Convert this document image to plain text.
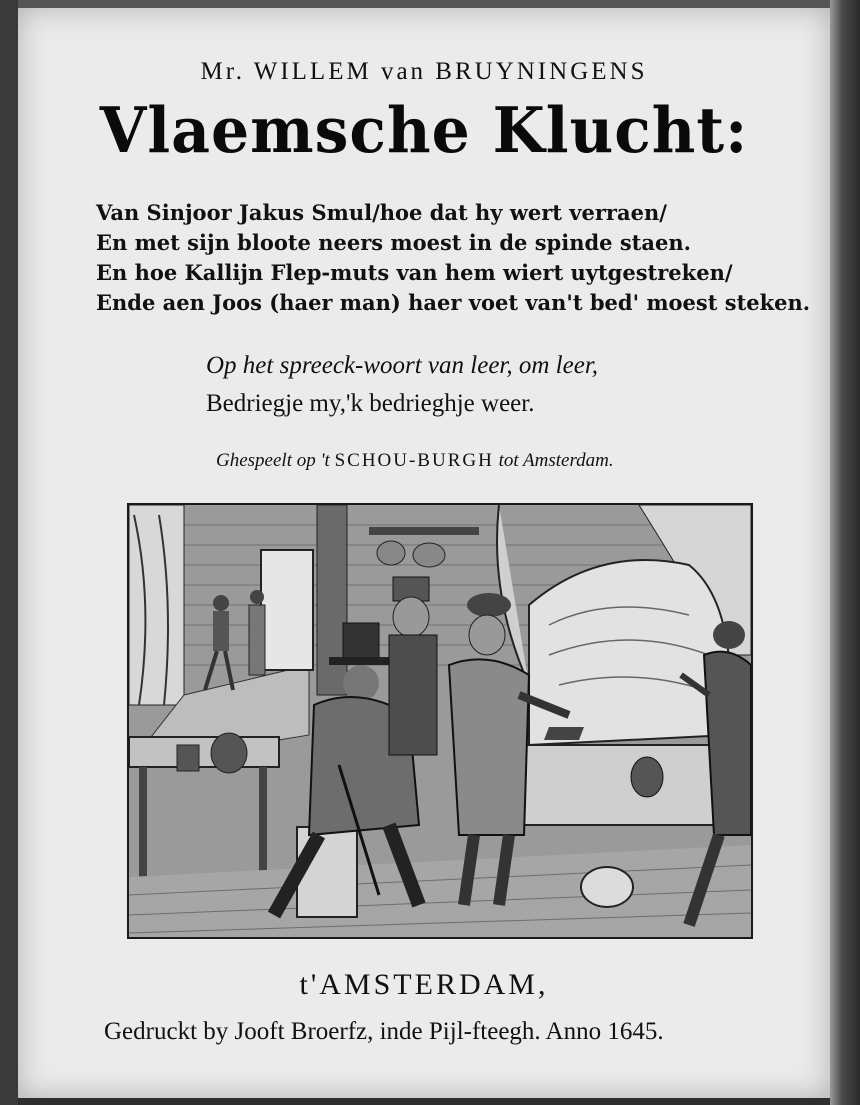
Mr. WILLEM van BRUYNINGENS
Vlaemsche Klucht:
Van Sinjoor Jakus Smul/hoe dat hy wert verraen/
En met sijn bloote neers moest in de spinde staen.
En hoe Kallijn Flep-muts van hem wiert uytgestreken/
Ende aen Joos (haer man) haer voet van't bed' moest steken.
Op het spreeck-woort van leer, om leer,
Bedriegje my,'k bedrieghje weer.
Ghespeelt op 't SCHOU-BURGH tot Amsterdam.
t'AMSTERDAM,
Gedruckt by Jooft Broerfz, inde Pijl-fteegh. Anno 1645.
